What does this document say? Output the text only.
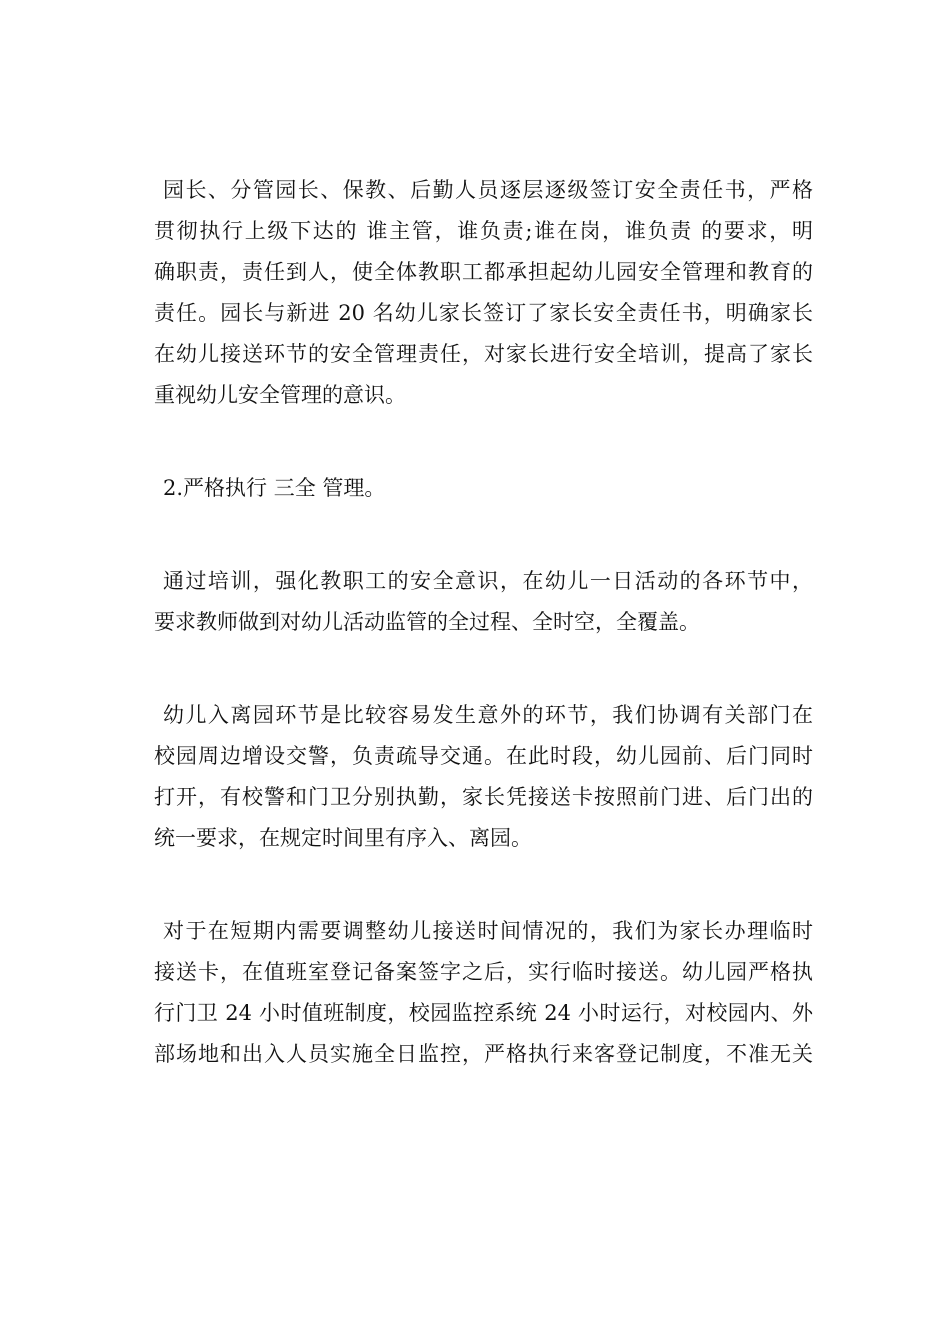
园长、分管园长、保教、后勤人员逐层逐级签订安全责任书，严格
贯彻执行上级下达的 谁主管，谁负责;谁在岗，谁负责 的要求，明
确职责，责任到人，使全体教职工都承担起幼儿园安全管理和教育的
责任。园长与新进 20 名幼儿家长签订了家长安全责任书，明确家长
在幼儿接送环节的安全管理责任，对家长进行安全培训，提高了家长
重视幼儿安全管理的意识。
2.严格执行 三全 管理。
通过培训，强化教职工的安全意识，在幼儿一日活动的各环节中，
要求教师做到对幼儿活动监管的全过程、全时空，全覆盖。
幼儿入离园环节是比较容易发生意外的环节，我们协调有关部门在
校园周边增设交警，负责疏导交通。在此时段，幼儿园前、后门同时
打开，有校警和门卫分别执勤，家长凭接送卡按照前门进、后门出的
统一要求，在规定时间里有序入、离园。
对于在短期内需要调整幼儿接送时间情况的，我们为家长办理临时
接送卡，在值班室登记备案签字之后，实行临时接送。幼儿园严格执
行门卫 24 小时值班制度，校园监控系统 24 小时运行，对校园内、外
部场地和出入人员实施全日监控，严格执行来客登记制度，不准无关
